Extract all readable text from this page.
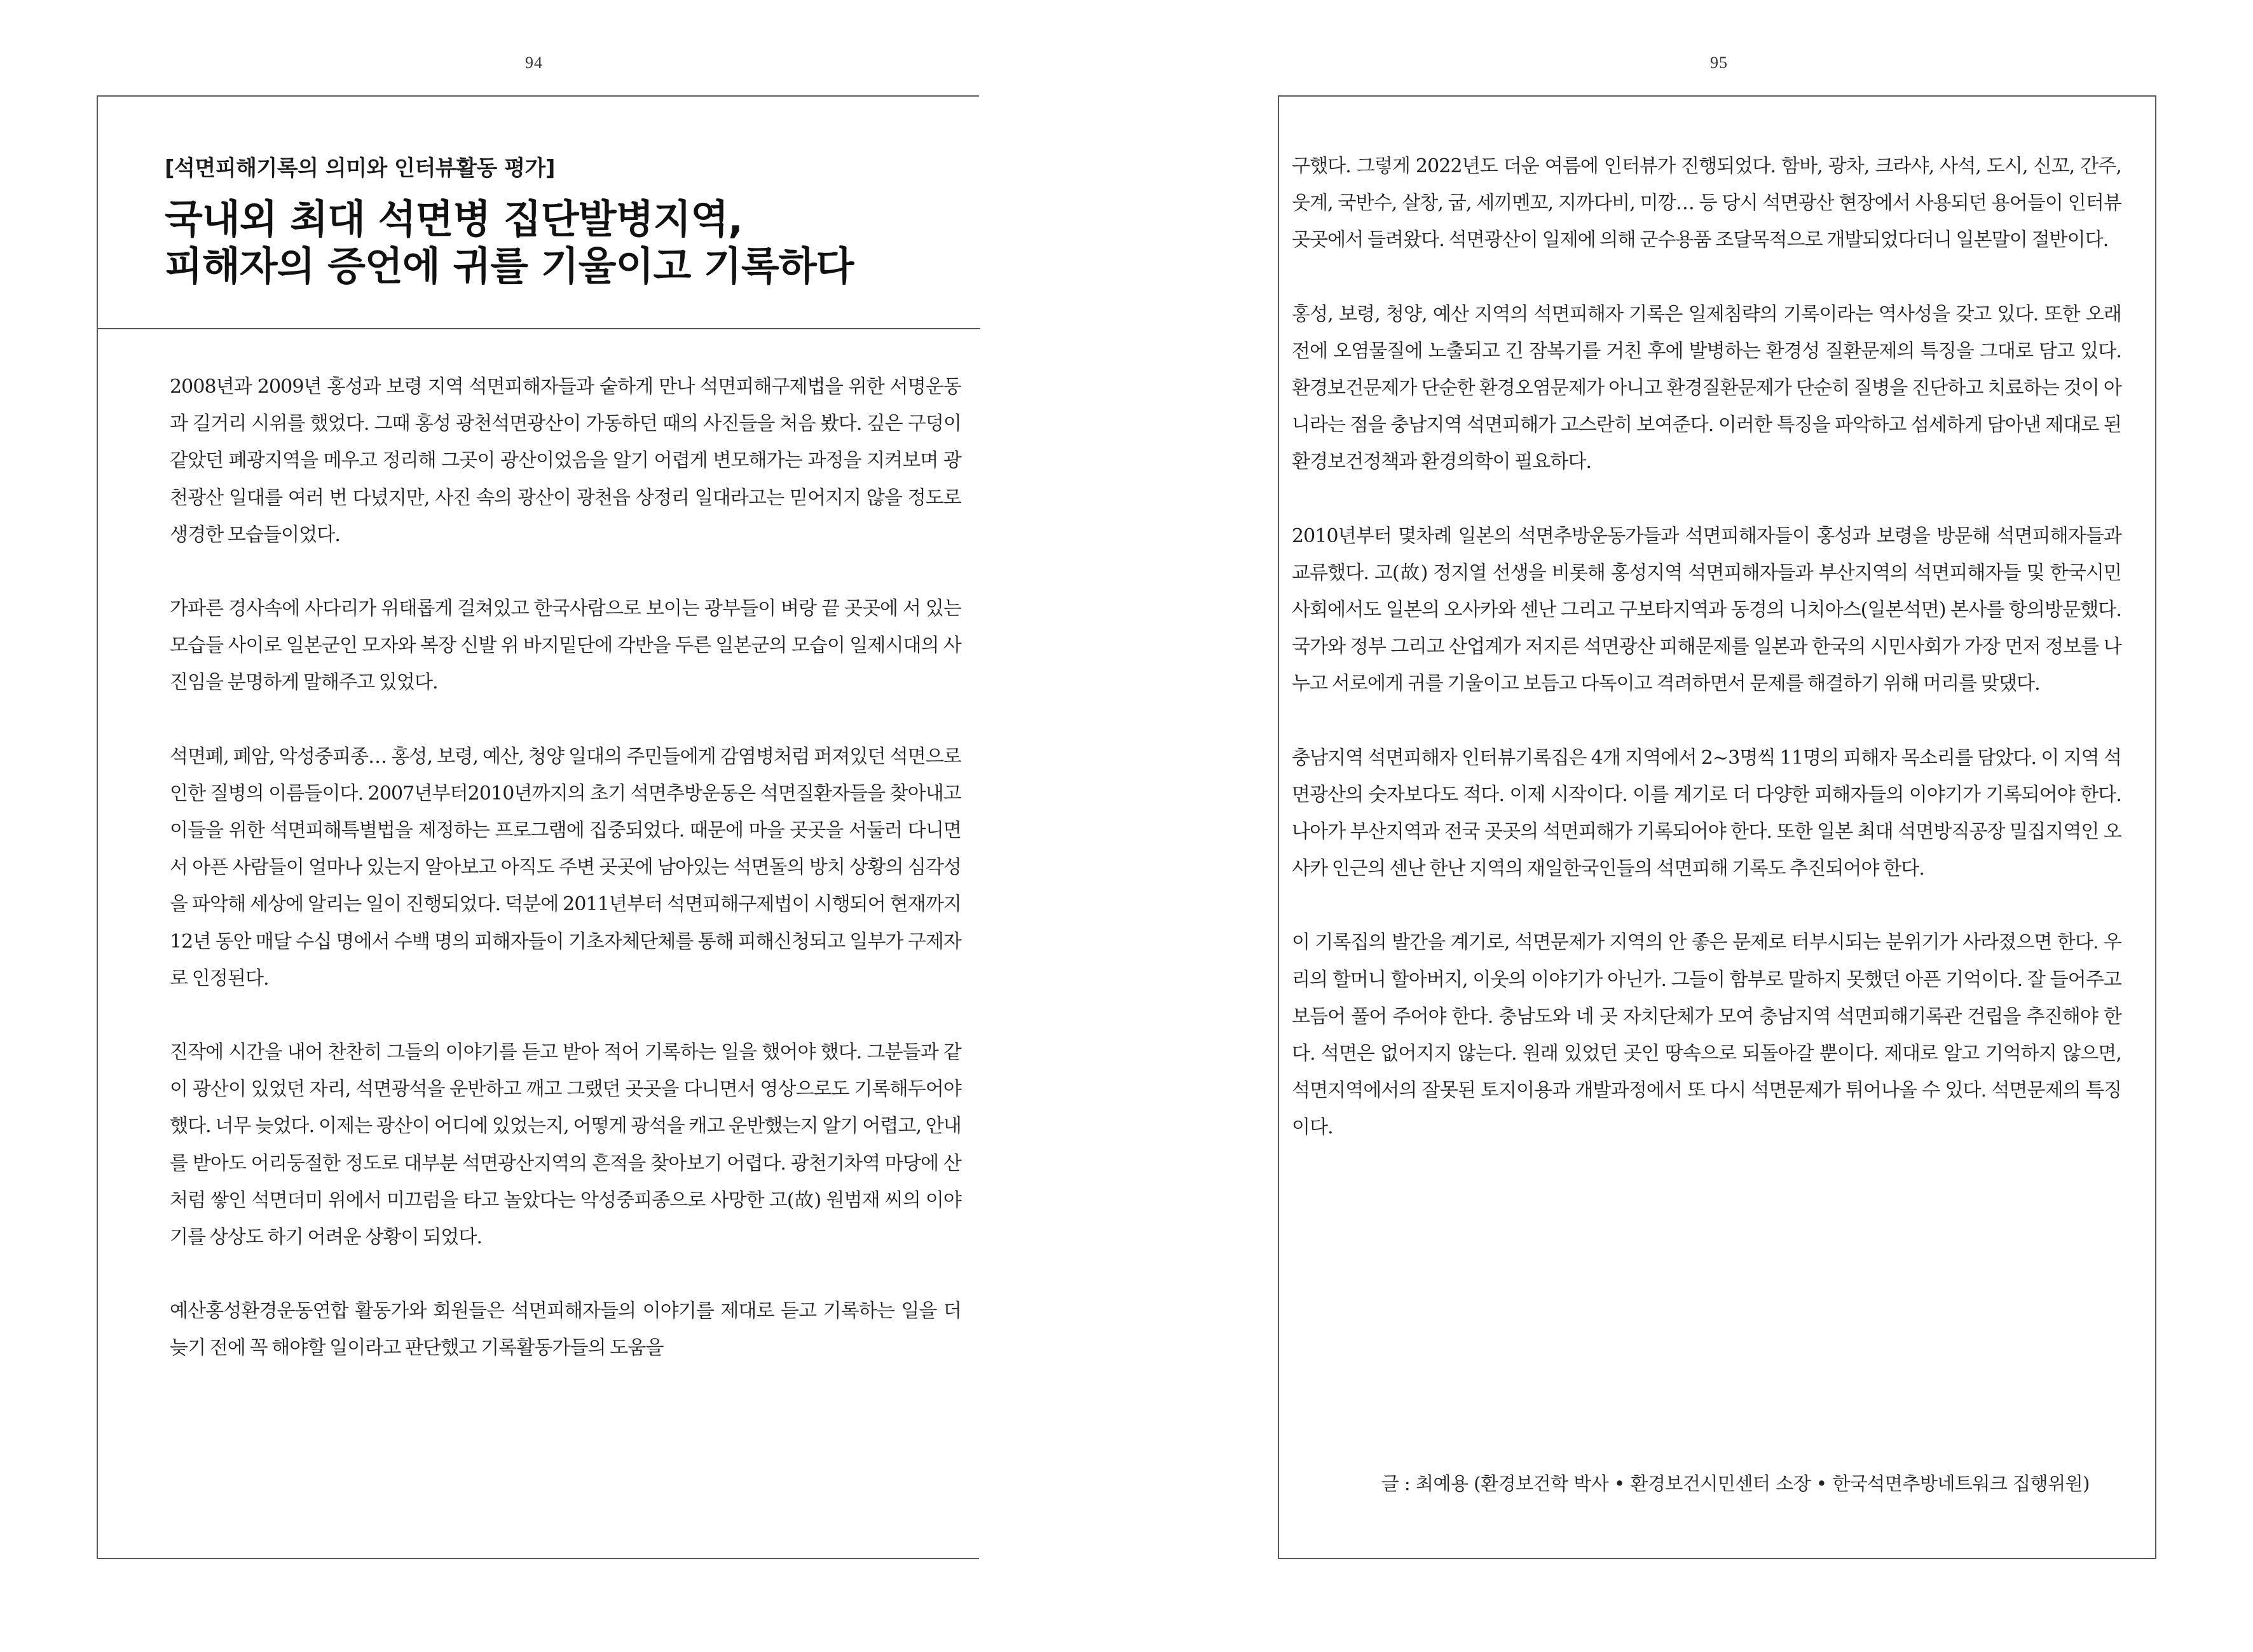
94	95
[석면피해기록의 의미와 인터뷰활동 평가]
국내외 최대 석면병 집단발병지역,
피해자의 증언에 귀를 기울이고 기록하다

2008년과 2009년 홍성과 보령 지역 석면피해자들과 숱하게 만나 석면피해구제법을 위한 서명운동과 길거리 시위를 했었다. 그때 홍성 광천석면광산이 가동하던 때의 사진들을 처음 봤다. 깊은 구덩이 같았던 폐광지역을 메우고 정리해 그곳이 광산이었음을 알기 어렵게 변모해가는 과정을 지켜보며 광천광산 일대를 여러 번 다녔지만, 사진 속의 광산이 광천읍 상정리 일대라고는 믿어지지 않을 정도로 생경한 모습들이었다.

가파른 경사속에 사다리가 위태롭게 걸쳐있고 한국사람으로 보이는 광부들이 벼랑 끝 곳곳에 서 있는 모습들 사이로 일본군인 모자와 복장 신발 위 바지밑단에 각반을 두른 일본군의 모습이 일제시대의 사진임을 분명하게 말해주고 있었다.

석면폐, 폐암, 악성중피종… 홍성, 보령, 예산, 청양 일대의 주민들에게 감염병처럼 퍼져있던 석면으로 인한 질병의 이름들이다. 2007년부터2010년까지의 초기 석면추방운동은 석면질환자들을 찾아내고 이들을 위한 석면피해특별법을 제정하는 프로그램에 집중되었다. 때문에 마을 곳곳을 서둘러 다니면서 아픈 사람들이 얼마나 있는지 알아보고 아직도 주변 곳곳에 남아있는 석면돌의 방치 상황의 심각성을 파악해 세상에 알리는 일이 진행되었다. 덕분에 2011년부터 석면피해구제법이 시행되어 현재까지 12년 동안 매달 수십 명에서 수백 명의 피해자들이 기초자체단체를 통해 피해신청되고 일부가 구제자로 인정된다.

진작에 시간을 내어 찬찬히 그들의 이야기를 듣고 받아 적어 기록하는 일을 했어야 했다. 그분들과 같이 광산이 있었던 자리, 석면광석을 운반하고 깨고 그랬던 곳곳을 다니면서 영상으로도 기록해두어야 했다. 너무 늦었다. 이제는 광산이 어디에 있었는지, 어떻게 광석을 캐고 운반했는지 알기 어렵고, 안내를 받아도 어리둥절한 정도로 대부분 석면광산지역의 흔적을 찾아보기 어렵다. 광천기차역 마당에 산처럼 쌓인 석면더미 위에서 미끄럼을 타고 놀았다는 악성중피종으로 사망한 고(故) 원범재 씨의 이야기를 상상도 하기 어려운 상황이 되었다.

예산홍성환경운동연합 활동가와 회원들은 석면피해자들의 이야기를 제대로 듣고 기록하는 일을 더 늦기 전에 꼭 해야할 일이라고 판단했고 기록활동가들의 도움을

구했다. 그렇게 2022년도 더운 여름에 인터뷰가 진행되었다. 함바, 광차, 크라샤, 사석, 도시, 신꼬, 간주, 웃계, 국반수, 살창, 굽, 세끼멘꼬, 지까다비, 미깡… 등 당시 석면광산 현장에서 사용되던 용어들이 인터뷰 곳곳에서 들려왔다. 석면광산이 일제에 의해 군수용품 조달목적으로 개발되었다더니 일본말이 절반이다.

홍성, 보령, 청양, 예산 지역의 석면피해자 기록은 일제침략의 기록이라는 역사성을 갖고 있다. 또한 오래 전에 오염물질에 노출되고 긴 잠복기를 거친 후에 발병하는 환경성 질환문제의 특징을 그대로 담고 있다. 환경보건문제가 단순한 환경오염문제가 아니고 환경질환문제가 단순히 질병을 진단하고 치료하는 것이 아니라는 점을 충남지역 석면피해가 고스란히 보여준다. 이러한 특징을 파악하고 섬세하게 담아낸 제대로 된 환경보건정책과 환경의학이 필요하다.

2010년부터 몇차례 일본의 석면추방운동가들과 석면피해자들이 홍성과 보령을 방문해 석면피해자들과 교류했다. 고(故) 정지열 선생을 비롯해 홍성지역 석면피해자들과 부산지역의 석면피해자들 및 한국시민사회에서도 일본의 오사카와 센난 그리고 구보타지역과 동경의 니치아스(일본석면) 본사를 항의방문했다. 국가와 정부 그리고 산업계가 저지른 석면광산 피해문제를 일본과 한국의 시민사회가 가장 먼저 정보를 나누고 서로에게 귀를 기울이고 보듬고 다독이고 격려하면서 문제를 해결하기 위해 머리를 맞댔다.

충남지역 석면피해자 인터뷰기록집은 4개 지역에서 2~3명씩 11명의 피해자 목소리를 담았다. 이 지역 석면광산의 숫자보다도 적다. 이제 시작이다. 이를 계기로 더 다양한 피해자들의 이야기가 기록되어야 한다. 나아가 부산지역과 전국 곳곳의 석면피해가 기록되어야 한다. 또한 일본 최대 석면방직공장 밀집지역인 오사카 인근의 센난 한난 지역의 재일한국인들의 석면피해 기록도 추진되어야 한다.

이 기록집의 발간을 계기로, 석면문제가 지역의 안 좋은 문제로 터부시되는 분위기가 사라졌으면 한다. 우리의 할머니 할아버지, 이웃의 이야기가 아닌가. 그들이 함부로 말하지 못했던 아픈 기억이다. 잘 들어주고 보듬어 풀어 주어야 한다. 충남도와 네 곳 자치단체가 모여 충남지역 석면피해기록관 건립을 추진해야 한다. 석면은 없어지지 않는다. 원래 있었던 곳인 땅속으로 되돌아갈 뿐이다. 제대로 알고 기억하지 않으면, 석면지역에서의 잘못된 토지이용과 개발과정에서 또 다시 석면문제가 튀어나올 수 있다. 석면문제의 특징이다.

글 : 최예용 (환경보건학 박사 • 환경보건시민센터 소장 • 한국석면추방네트워크 집행위원)
